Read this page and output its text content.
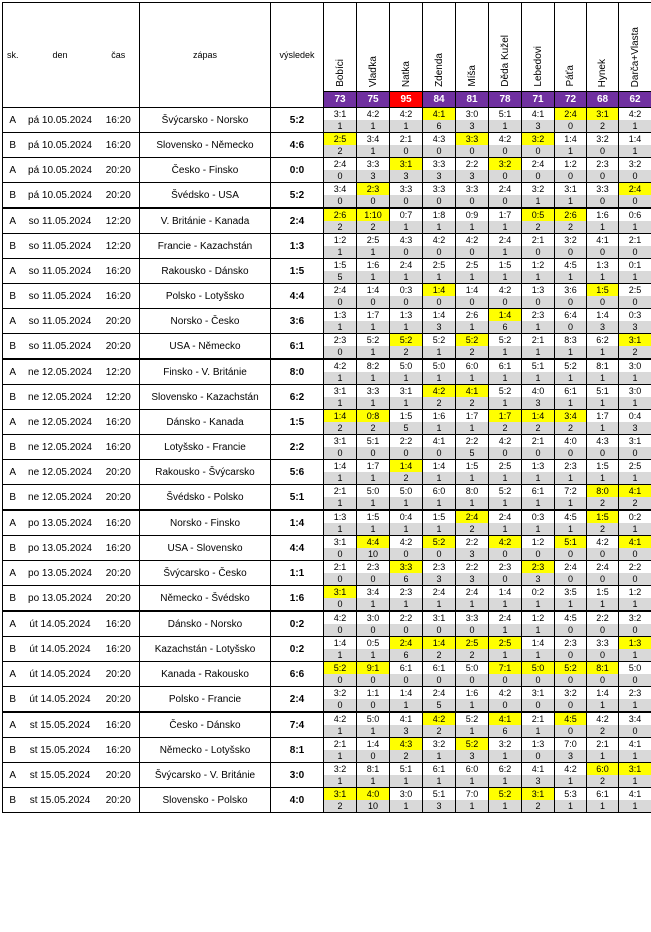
sk.	den	čas	zápas	výsledek	Bobíci	Vlaďka	Natka	Zdenda	Míša	Děda Kužel	Lebedovi	Páťa	Hynek	Darča+Vlasta
					73	75	95	84	81	78	71	72	68	62
A	pá 10.05.2024	16:20	Švýcarsko - Norsko	5:2	3:1	4:2	4:2	4:1	3:0	5:1	4:1	2:4	3:1	4:2
					1	1	1	6	3	1	3	0	2	1
B	pá 10.05.2024	16:20	Slovensko - Německo	4:6	2:5	3:4	2:1	4:3	3:3	4:2	3:2	1:4	3:2	1:4
					2	1	0	0	0	0	0	1	0	1
A	pá 10.05.2024	20:20	Česko - Finsko	0:0	2:4	3:3	3:1	3:3	2:2	3:2	2:4	1:2	2:3	3:2
					0	3	3	3	3	0	0	0	0	0
B	pá 10.05.2024	20:20	Švédsko - USA	5:2	3:4	2:3	3:3	3:3	3:3	2:4	3:2	3:1	3:3	2:4
					0	0	0	0	0	0	1	1	0	0
A	so 11.05.2024	12:20	V. Británie - Kanada	2:4	2:6	1:10	0:7	1:8	0:9	1:7	0:5	2:6	1:6	0:6
					2	2	1	1	1	1	2	2	1	1
B	so 11.05.2024	12:20	Francie - Kazachstán	1:3	1:2	2:5	4:3	4:2	4:2	2:4	2:1	3:2	4:1	2:1
					1	1	0	0	0	1	0	0	0	0
A	so 11.05.2024	16:20	Rakousko - Dánsko	1:5	1:5	1:6	2:4	2:5	2:5	1:5	1:2	4:5	1:3	0:1
					5	1	1	1	1	1	1	1	1	1
B	so 11.05.2024	16:20	Polsko - Lotyšsko	4:4	2:4	1:4	0:3	1:4	1:4	4:2	1:3	3:6	1:5	2:5
					0	0	0	0	0	0	0	0	0	0
A	so 11.05.2024	20:20	Norsko - Česko	3:6	1:3	1:7	1:3	1:4	2:6	1:4	2:3	6:4	1:4	0:3
					1	1	1	3	1	6	1	0	3	3
B	so 11.05.2024	20:20	USA - Německo	6:1	2:3	5:2	5:2	5:2	5:2	5:2	2:1	8:3	6:2	3:1
					0	1	2	1	2	1	1	1	1	2
A	ne 12.05.2024	12:20	Finsko - V. Británie	8:0	4:2	8:2	5:0	5:0	6:0	6:1	5:1	5:2	8:1	3:0
					1	1	1	1	1	1	1	1	1	1
B	ne 12.05.2024	12:20	Slovensko - Kazachstán	6:2	3:1	3:3	3:1	4:2	4:1	5:2	4:0	6:1	5:1	3:0
					1	1	1	2	2	1	3	1	1	1
A	ne 12.05.2024	16:20	Dánsko - Kanada	1:5	1:4	0:8	1:5	1:6	1:7	1:7	1:4	3:4	1:7	0:4
					2	2	5	1	1	2	2	2	1	3
B	ne 12.05.2024	16:20	Lotyšsko - Francie	2:2	3:1	5:1	2:2	4:1	2:2	4:2	2:1	4:0	4:3	3:1
					0	0	0	0	5	0	0	0	0	0
A	ne 12.05.2024	20:20	Rakousko - Švýcarsko	5:6	1:4	1:7	1:4	1:4	1:5	2:5	1:3	2:3	1:5	2:5
					1	1	2	1	1	1	1	1	1	1
B	ne 12.05.2024	20:20	Švédsko - Polsko	5:1	2:1	5:0	5:0	6:0	8:0	5:2	6:1	7:2	8:0	4:1
					1	1	1	1	1	1	1	1	2	2
A	po 13.05.2024	16:20	Norsko - Finsko	1:4	1:3	1:5	0:4	1:5	2:4	2:4	0:3	4:5	1:5	0:2
					1	1	1	1	2	1	1	1	2	1
B	po 13.05.2024	16:20	USA - Slovensko	4:4	3:1	4:4	4:2	5:2	2:2	4:2	1:2	5:1	4:2	4:1
					0	10	0	0	3	0	0	0	0	0
A	po 13.05.2024	20:20	Švýcarsko - Česko	1:1	2:1	2:3	3:3	2:3	2:2	2:3	2:3	2:4	2:4	2:2
					0	0	6	3	3	0	3	0	0	0
B	po 13.05.2024	20:20	Německo - Švédsko	1:6	3:1	3:4	2:3	2:4	2:4	1:4	0:2	3:5	1:5	1:2
					0	1	1	1	1	1	1	1	1	1
A	út 14.05.2024	16:20	Dánsko - Norsko	0:2	4:2	3:0	2:2	3:1	3:3	2:4	1:2	4:5	2:2	3:2
					0	0	0	0	0	1	1	0	0	0
B	út 14.05.2024	16:20	Kazachstán - Lotyšsko	0:2	1:4	0:5	2:4	1:4	2:5	2:5	1:4	2:3	3:3	1:3
					1	1	6	2	2	1	1	0	0	1
A	út 14.05.2024	20:20	Kanada - Rakousko	6:6	5:2	9:1	6:1	6:1	5:0	7:1	5:0	5:2	8:1	5:0
					0	0	0	0	0	0	0	0	0	0
B	út 14.05.2024	20:20	Polsko - Francie	2:4	3:2	1:1	1:4	2:4	1:6	4:2	3:1	3:2	1:4	2:3
					0	0	1	5	1	0	0	0	1	1
A	st 15.05.2024	16:20	Česko - Dánsko	7:4	4:2	5:0	4:1	4:2	5:2	4:1	2:1	4:5	4:2	3:4
					1	1	3	2	1	6	1	0	2	0
B	st 15.05.2024	16:20	Německo - Lotyšsko	8:1	2:1	1:4	4:3	3:2	5:2	3:2	1:3	7:0	2:1	4:1
					1	0	2	1	3	1	0	3	1	1
A	st 15.05.2024	20:20	Švýcarsko - V. Británie	3:0	3:2	8:1	5:1	6:1	6:0	6:2	4:1	4:2	6:0	3:1
					1	1	1	1	1	1	3	1	2	1
B	st 15.05.2024	20:20	Slovensko - Polsko	4:0	3:1	4:0	3:0	5:1	7:0	5:2	3:1	5:3	6:1	4:1
					2	10	1	3	1	1	2	1	1	1
